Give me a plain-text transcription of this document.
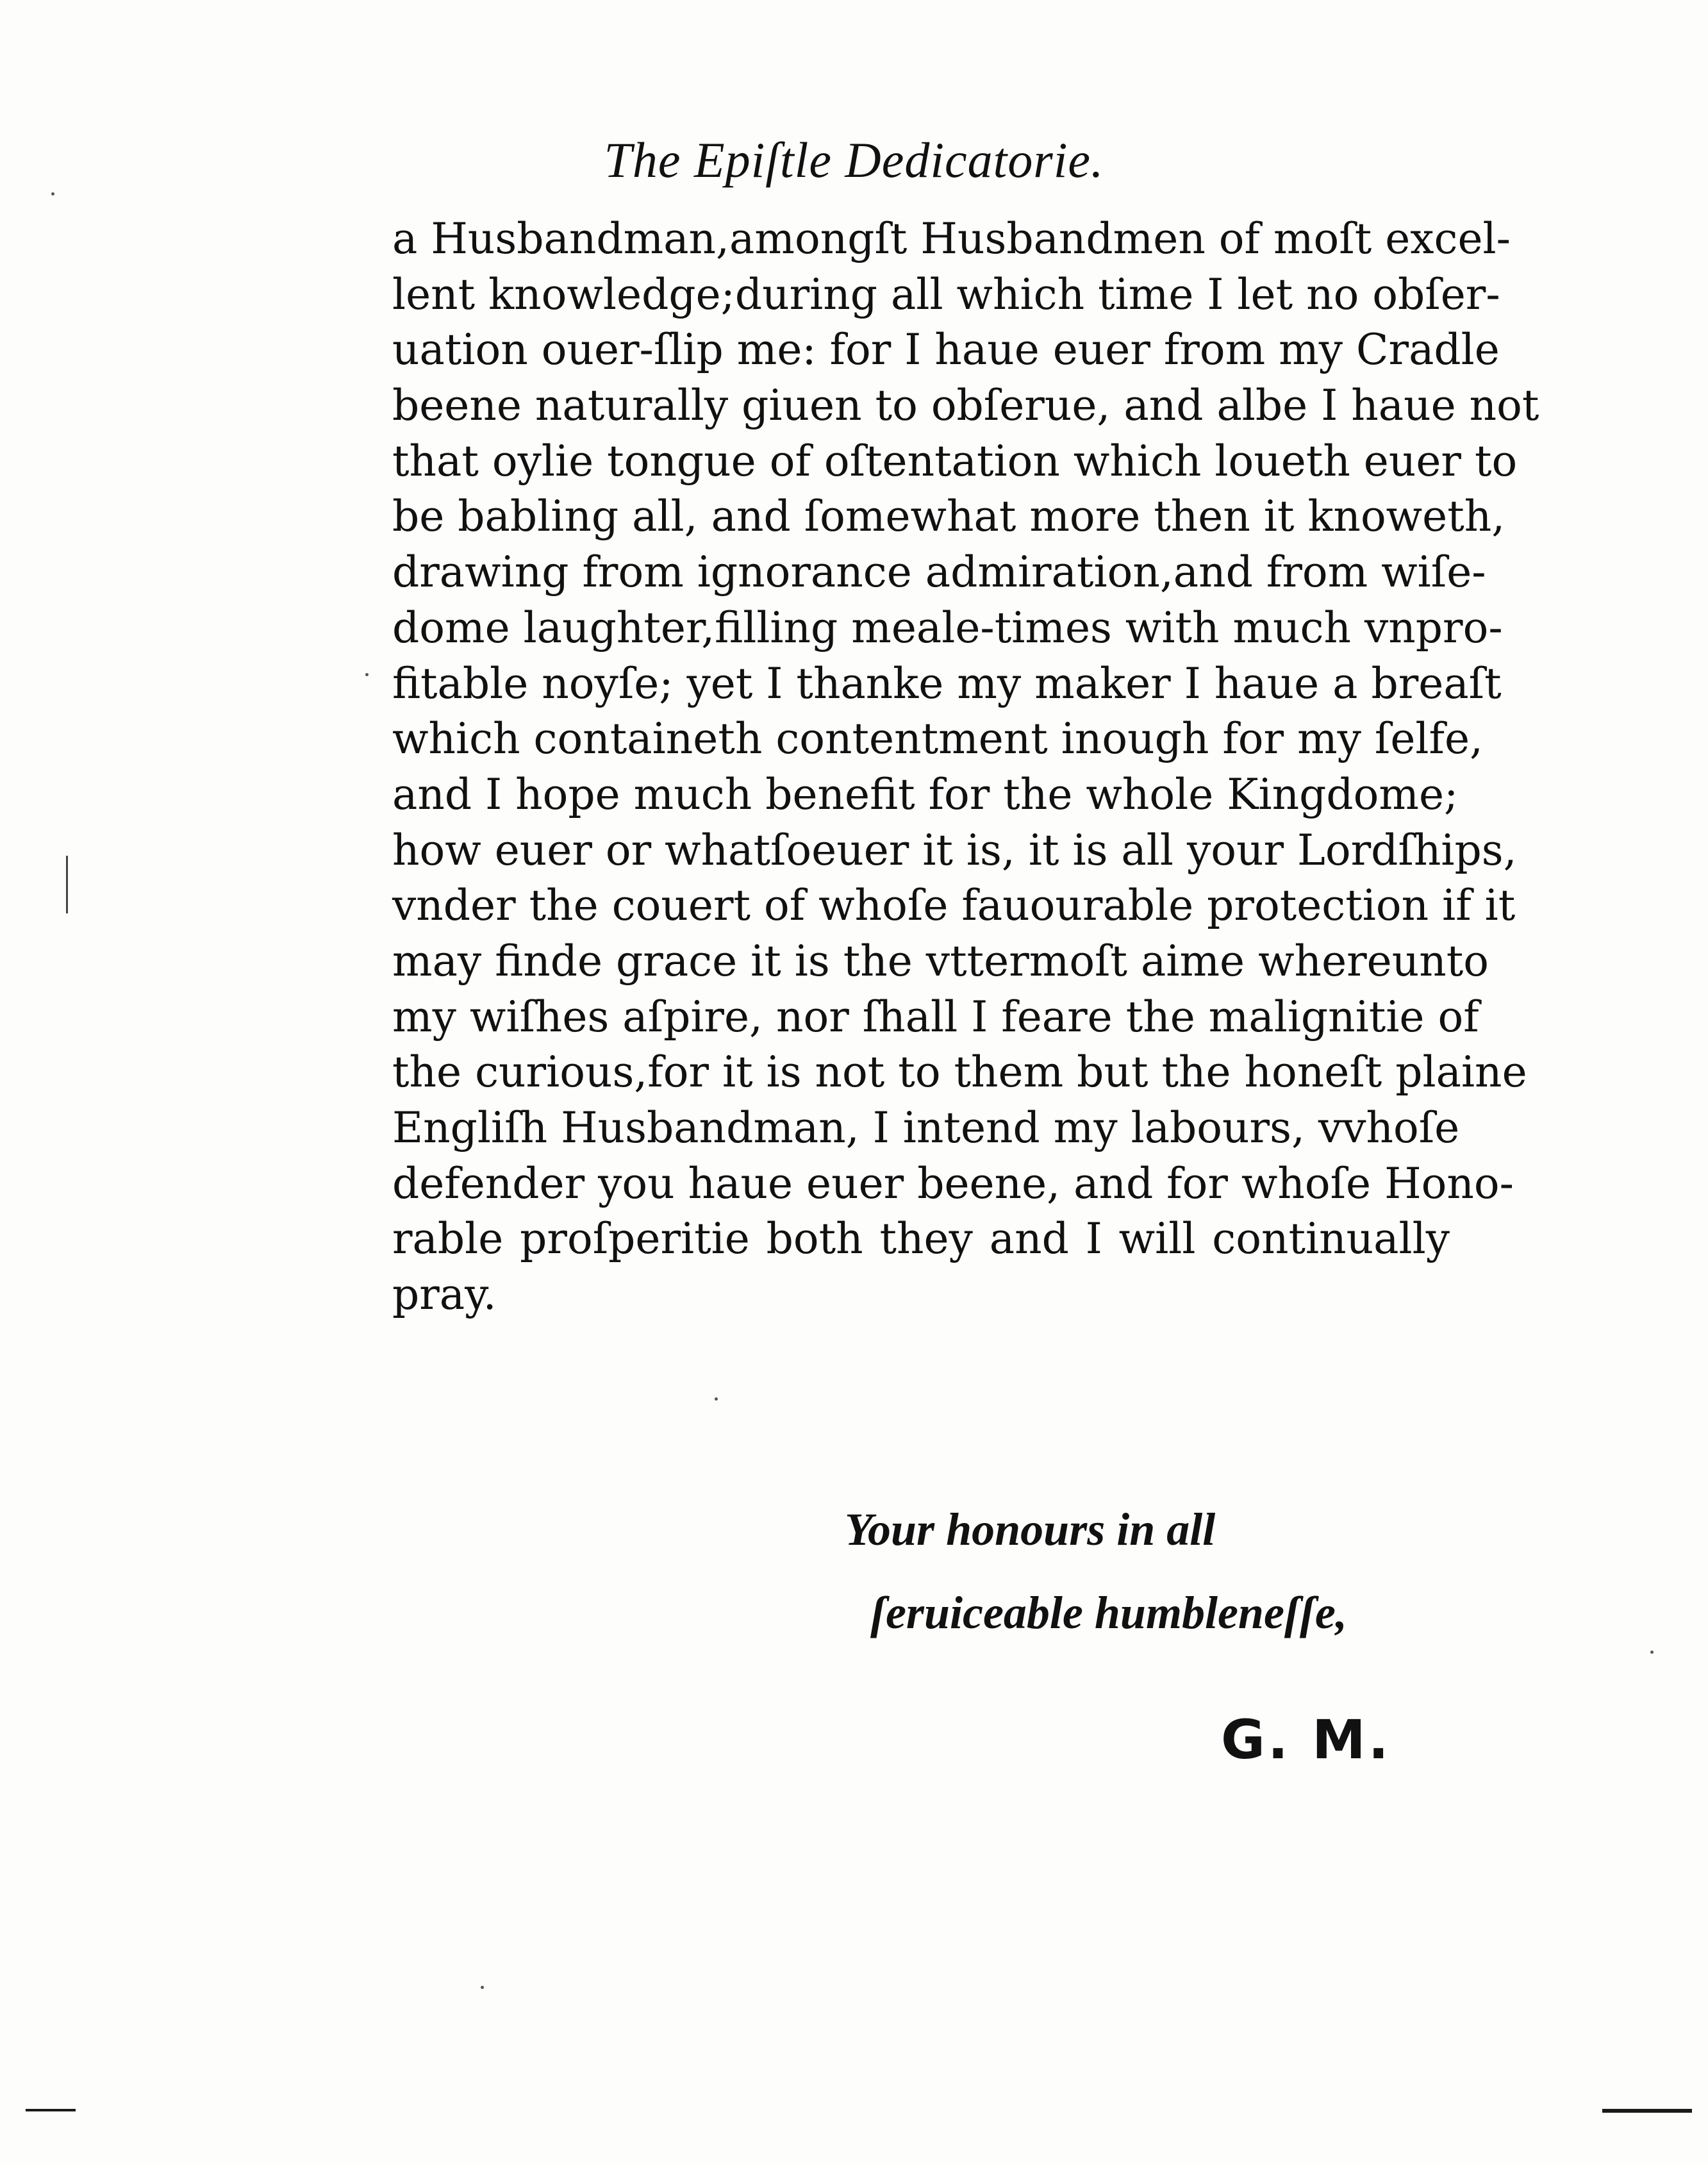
The Epiſtle Dedicatorie.
a Husbandman,amongſt Husbandmen of moſt excel-
lent knowledge;during all which time I let no obſer-
uation ouer-ſlip me: for I haue euer from my Cradle
beene naturally giuen to obſerue, and albe I haue not
that oylie tongue of oſtentation which loueth euer to
be babling all, and ſomewhat more then it knoweth,
drawing from ignorance admiration,and from wiſe-
dome laughter,filling meale-times with much vnpro-
fitable noyſe; yet I thanke my maker I haue a breaſt
which containeth contentment inough for my ſelfe,
and I hope much benefit for the whole Kingdome;
how euer or whatſoeuer it is, it is all your Lordſhips,
vnder the couert of whoſe fauourable protection if it
may finde grace it is the vttermoſt aime whereunto
my wiſhes aſpire, nor ſhall I feare the malignitie of
the curious,for it is not to them but the honeſt plaine
Engliſh Husbandman, I intend my labours, vvhoſe
defender you haue euer beene, and for whoſe Hono-
rable proſperitie both they and I will continually
pray.
Your honours in all
ſeruiceable humbleneſſe,
G. M.
